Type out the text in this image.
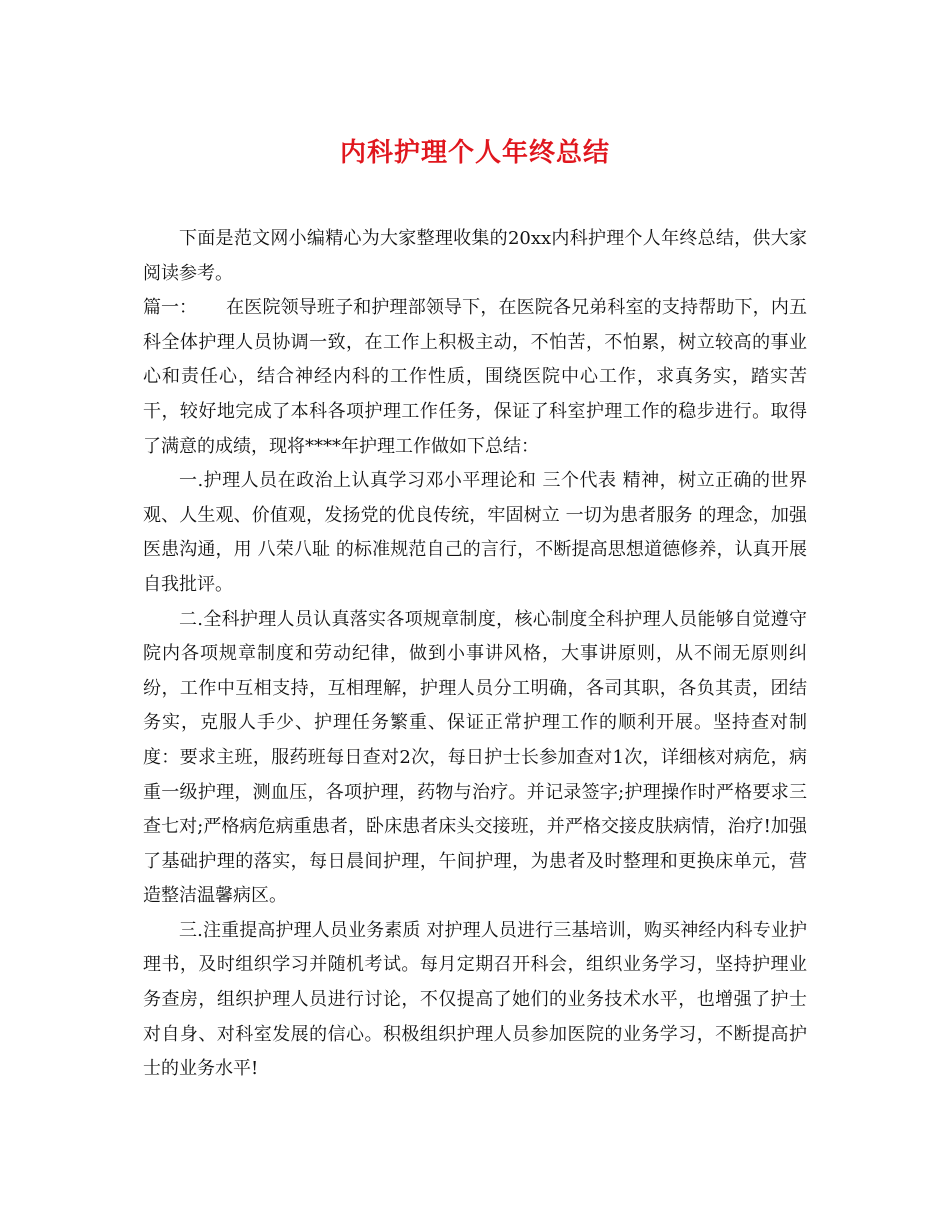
内科护理个人年终总结

下面是范文网小编精心为大家整理收集的20xx内科护理个人年终总结，供大家阅读参考。

篇一： 在医院领导班子和护理部领导下，在医院各兄弟科室的支持帮助下，内五科全体护理人员协调一致，在工作上积极主动，不怕苦，不怕累，树立较高的事业心和责任心，结合神经内科的工作性质，围绕医院中心工作，求真务实，踏实苦干，较好地完成了本科各项护理工作任务，保证了科室护理工作的稳步进行。取得了满意的成绩，现将****年护理工作做如下总结：

一.护理人员在政治上认真学习邓小平理论和 三个代表 精神，树立正确的世界观、人生观、价值观，发扬党的优良传统，牢固树立 一切为患者服务 的理念，加强医患沟通，用 八荣八耻 的标准规范自己的言行，不断提高思想道德修养，认真开展自我批评。

二.全科护理人员认真落实各项规章制度，核心制度全科护理人员能够自觉遵守院内各项规章制度和劳动纪律，做到小事讲风格，大事讲原则，从不闹无原则纠纷，工作中互相支持，互相理解，护理人员分工明确，各司其职，各负其责，团结务实，克服人手少、护理任务繁重、保证正常护理工作的顺利开展。坚持查对制度：要求主班，服药班每日查对2次，每日护士长参加查对1次，详细核对病危，病重一级护理，测血压，各项护理，药物与治疗。并记录签字;护理操作时严格要求三查七对;严格病危病重患者，卧床患者床头交接班，并严格交接皮肤病情，治疗!加强了基础护理的落实，每日晨间护理，午间护理，为患者及时整理和更换床单元，营造整洁温馨病区。

三.注重提高护理人员业务素质 对护理人员进行三基培训，购买神经内科专业护理书，及时组织学习并随机考试。每月定期召开科会，组织业务学习，坚持护理业务查房，组织护理人员进行讨论，不仅提高了她们的业务技术水平，也增强了护士对自身、对科室发展的信心。积极组织护理人员参加医院的业务学习，不断提高护士的业务水平!
